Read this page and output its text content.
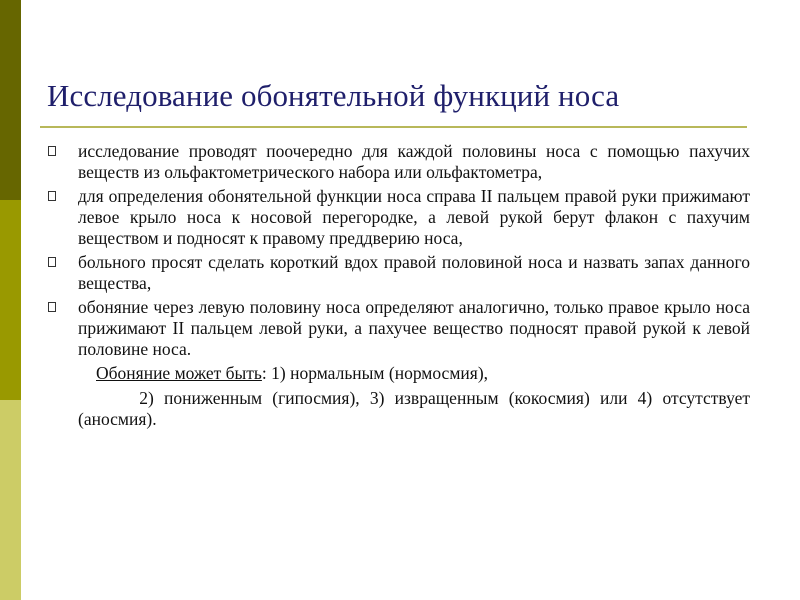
Исследование обонятельной функций носа
исследование проводят поочередно для каждой половины носа с помощью пахучих веществ из ольфактометрического набора или ольфактометра,
для определения обонятельной функции носа справа II пальцем правой руки прижимают левое крыло носа к носовой перегородке, а левой рукой берут флакон с пахучим веществом и подносят к правому преддверию носа,
больного просят сделать короткий вдох правой половиной носа и назвать запах данного вещества,
обоняние через левую половину носа определяют аналогично, только правое крыло носа прижимают II пальцем левой руки, а пахучее вещество подносят правой рукой к левой половине носа.
Обоняние может быть: 1) нормальным (нормосмия),
2) пониженным (гипосмия), 3) извращенным (кокосмия) или 4) отсутствует (аносмия).
